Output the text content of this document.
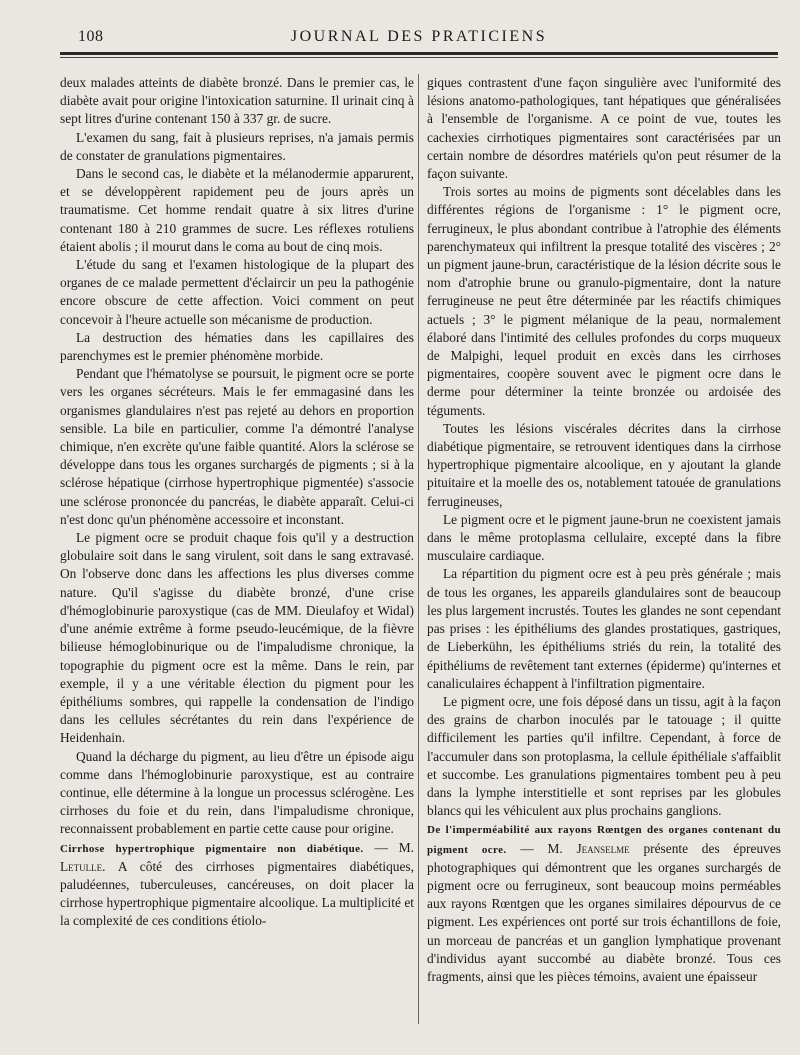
108	JOURNAL DES PRATICIENS

deux malades atteints de diabète bronzé. Dans le premier cas, le diabète avait pour origine l'intoxication saturnine. Il urinait cinq à sept litres d'urine contenant 150 à 337 gr. de sucre.

L'examen du sang, fait à plusieurs reprises, n'a jamais permis de constater de granulations pigmentaires.

Dans le second cas, le diabète et la mélanodermie apparurent, et se développèrent rapidement peu de jours après un traumatisme. Cet homme rendait quatre à six litres d'urine contenant 180 à 210 grammes de sucre. Les réflexes rotuliens étaient abolis ; il mourut dans le coma au bout de cinq mois.

L'étude du sang et l'examen histologique de la plupart des organes de ce malade permettent d'éclaircir un peu la pathogénie encore obscure de cette affection. Voici comment on peut concevoir à l'heure actuelle son mécanisme de production.

La destruction des hématies dans les capillaires des parenchymes est le premier phénomène morbide.

Pendant que l'hématolyse se poursuit, le pigment ocre se porte vers les organes sécréteurs. Mais le fer emmagasiné dans les organismes glandulaires n'est pas rejeté au dehors en proportion sensible. La bile en particulier, comme l'a démontré l'analyse chimique, n'en excrète qu'une faible quantité. Alors la sclérose se développe dans tous les organes surchargés de pigments ; si à la sclérose hépatique (cirrhose hypertrophique pigmentée) s'associe une sclérose prononcée du pancréas, le diabète apparaît. Celui-ci n'est donc qu'un phénomène accessoire et inconstant.

Le pigment ocre se produit chaque fois qu'il y a destruction globulaire soit dans le sang virulent, soit dans le sang extravasé. On l'observe donc dans les affections les plus diverses comme nature. Qu'il s'agisse du diabète bronzé, d'une crise d'hémoglobinurie paroxystique (cas de MM. Dieulafoy et Widal) d'une anémie extrême à forme pseudo-leucémique, de la fièvre bilieuse hémoglobinurique ou de l'impaludisme chronique, la topographie du pigment ocre est la même. Dans le rein, par exemple, il y a une véritable élection du pigment pour les épithéliums sombres, qui rappelle la condensation de l'indigo dans les cellules sécrétantes du rein dans l'expérience de Heidenhain.

Quand la décharge du pigment, au lieu d'être un épisode aigu comme dans l'hémoglobinurie paroxystique, est au contraire continue, elle détermine à la longue un processus sclérogène. Les cirrhoses du foie et du rein, dans l'impaludisme chronique, reconnaissent probablement en partie cette cause pour origine.

Cirrhose hypertrophique pigmentaire non diabétique. — M. Letulle. A côté des cirrhoses pigmentaires diabétiques, paludéennes, tuberculeuses, cancéreuses, on doit placer la cirrhose hypertrophique pigmentaire alcoolique. La multiplicité et la complexité de ces conditions étiolo-

giques contrastent d'une façon singulière avec l'uniformité des lésions anatomo-pathologiques, tant hépatiques que généralisées à l'ensemble de l'organisme. A ce point de vue, toutes les cachexies cirrhotiques pigmentaires sont caractérisées par un certain nombre de désordres matériels qu'on peut résumer de la façon suivante.

Trois sortes au moins de pigments sont décelables dans les différentes régions de l'organisme : 1° le pigment ocre, ferrugineux, le plus abondant contribue à l'atrophie des éléments parenchymateux qui infiltrent la presque totalité des viscères ; 2° un pigment jaune-brun, caractéristique de la lésion décrite sous le nom d'atrophie brune ou granulo-pigmentaire, dont la nature ferrugineuse ne peut être déterminée par les réactifs chimiques actuels ; 3° le pigment mélanique de la peau, normalement élaboré dans l'intimité des cellules profondes du corps muqueux de Malpighi, lequel produit en excès dans les cirrhoses pigmentaires, coopère souvent avec le pigment ocre dans le derme pour déterminer la teinte bronzée ou ardoisée des téguments.

Toutes les lésions viscérales décrites dans la cirrhose diabétique pigmentaire, se retrouvent identiques dans la cirrhose hypertrophique pigmentaire alcoolique, en y ajoutant la glande pituitaire et la moelle des os, notablement tatouée de granulations ferrugineuses,

Le pigment ocre et le pigment jaune-brun ne coexistent jamais dans le même protoplasma cellulaire, excepté dans la fibre musculaire cardiaque.

La répartition du pigment ocre est à peu près générale ; mais de tous les organes, les appareils glandulaires sont de beaucoup les plus largement incrustés. Toutes les glandes ne sont cependant pas prises : les épithéliums des glandes prostatiques, gastriques, de Lieberkühn, les épithéliums striés du rein, la totalité des épithéliums de revêtement tant externes (épiderme) qu'internes et canaliculaires échappent à l'infiltration pigmentaire.

Le pigment ocre, une fois déposé dans un tissu, agit à la façon des grains de charbon inoculés par le tatouage ; il quitte difficilement les parties qu'il infiltre. Cependant, à force de l'accumuler dans son protoplasma, la cellule épithéliale s'affaiblit et succombe. Les granulations pigmentaires tombent peu à peu dans la lymphe interstitielle et sont reprises par les globules blancs qui les véhiculent aux plus prochains ganglions.

De l'imperméabilité aux rayons Rœntgen des organes contenant du pigment ocre. — M. Jeanselme présente des épreuves photographiques qui démontrent que les organes surchargés de pigment ocre ou ferrugineux, sont beaucoup moins perméables aux rayons Rœntgen que les organes similaires dépourvus de ce pigment. Les expériences ont porté sur trois échantillons de foie, un morceau de pancréas et un ganglion lymphatique provenant d'individus ayant succombé au diabète bronzé. Tous ces fragments, ainsi que les pièces témoins, avaient une épaisseur
